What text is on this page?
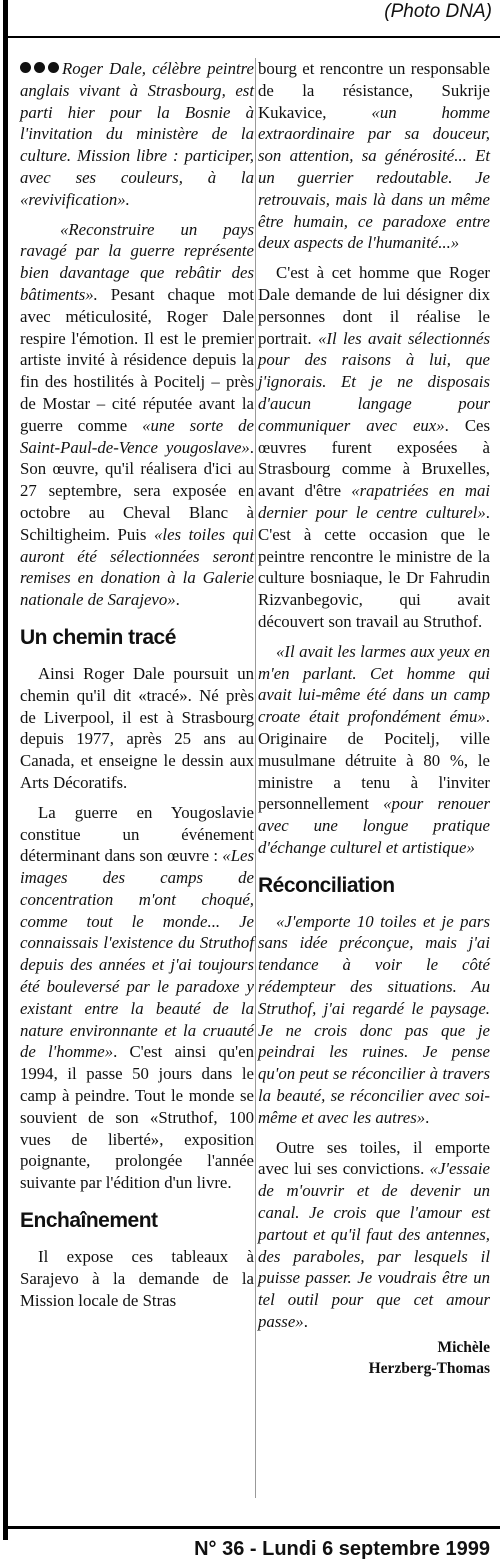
(Photo DNA)

Roger Dale, célèbre peintre anglais vivant à Strasbourg, est parti hier pour la Bosnie à l'invitation du ministère de la culture. Mission libre : participer, avec ses couleurs, à la «revivification».

«Reconstruire un pays ravagé par la guerre représente bien davantage que rebâtir des bâtiments». Pesant chaque mot avec méticulosité, Roger Dale respire l'émotion. Il est le premier artiste invité à résidence depuis la fin des hostilités à Pocitelj – près de Mostar – cité réputée avant la guerre comme «une sorte de Saint-Paul-de-Vence yougoslave». Son œuvre, qu'il réalisera d'ici au 27 septembre, sera exposée en octobre au Cheval Blanc à Schiltigheim. Puis «les toiles qui auront été sélectionnées seront remises en donation à la Galerie nationale de Sarajevo».

Un chemin tracé

Ainsi Roger Dale poursuit un chemin qu'il dit «tracé». Né près de Liverpool, il est à Strasbourg depuis 1977, après 25 ans au Canada, et enseigne le dessin aux Arts Décoratifs.

La guerre en Yougoslavie constitue un événement déterminant dans son œuvre : «Les images des camps de concentration m'ont choqué, comme tout le monde... Je connaissais l'existence du Struthof depuis des années et j'ai toujours été bouleversé par le paradoxe y existant entre la beauté de la nature environnante et la cruauté de l'homme». C'est ainsi qu'en 1994, il passe 50 jours dans le camp à peindre. Tout le monde se souvient de son «Struthof, 100 vues de liberté», exposition poignante, prolongée l'année suivante par l'édition d'un livre.

Enchaînement

Il expose ces tableaux à Sarajevo à la demande de la Mission locale de Stras

bourg et rencontre un responsable de la résistance, Sukrije Kukavice, «un homme extraordinaire par sa douceur, son attention, sa générosité... Et un guerrier redoutable. Je retrouvais, mais là dans un même être humain, ce paradoxe entre deux aspects de l'humanité...»

C'est à cet homme que Roger Dale demande de lui désigner dix personnes dont il réalise le portrait. «Il les avait sélectionnés pour des raisons à lui, que j'ignorais. Et je ne disposais d'aucun langage pour communiquer avec eux». Ces œuvres furent exposées à Strasbourg comme à Bruxelles, avant d'être «rapatriées en mai dernier pour le centre culturel». C'est à cette occasion que le peintre rencontre le ministre de la culture bosniaque, le Dr Fahrudin Rizvanbegovic, qui avait découvert son travail au Struthof.

«Il avait les larmes aux yeux en m'en parlant. Cet homme qui avait lui-même été dans un camp croate était profondément ému». Originaire de Pocitelj, ville musulmane détruite à 80 %, le ministre a tenu à l'inviter personnellement «pour renouer avec une longue pratique d'échange culturel et artistique»

Réconciliation

«J'emporte 10 toiles et je pars sans idée préconçue, mais j'ai tendance à voir le côté rédempteur des situations. Au Struthof, j'ai regardé le paysage. Je ne crois donc pas que je peindrai les ruines. Je pense qu'on peut se réconcilier à travers la beauté, se réconcilier avec soi-même et avec les autres».

Outre ses toiles, il emporte avec lui ses convictions. «J'essaie de m'ouvrir et de devenir un canal. Je crois que l'amour est partout et qu'il faut des antennes, des paraboles, par lesquels il puisse passer. Je voudrais être un tel outil pour que cet amour passe».

Michèle
Herzberg-Thomas
N° 36 - Lundi 6 septembre 1999
